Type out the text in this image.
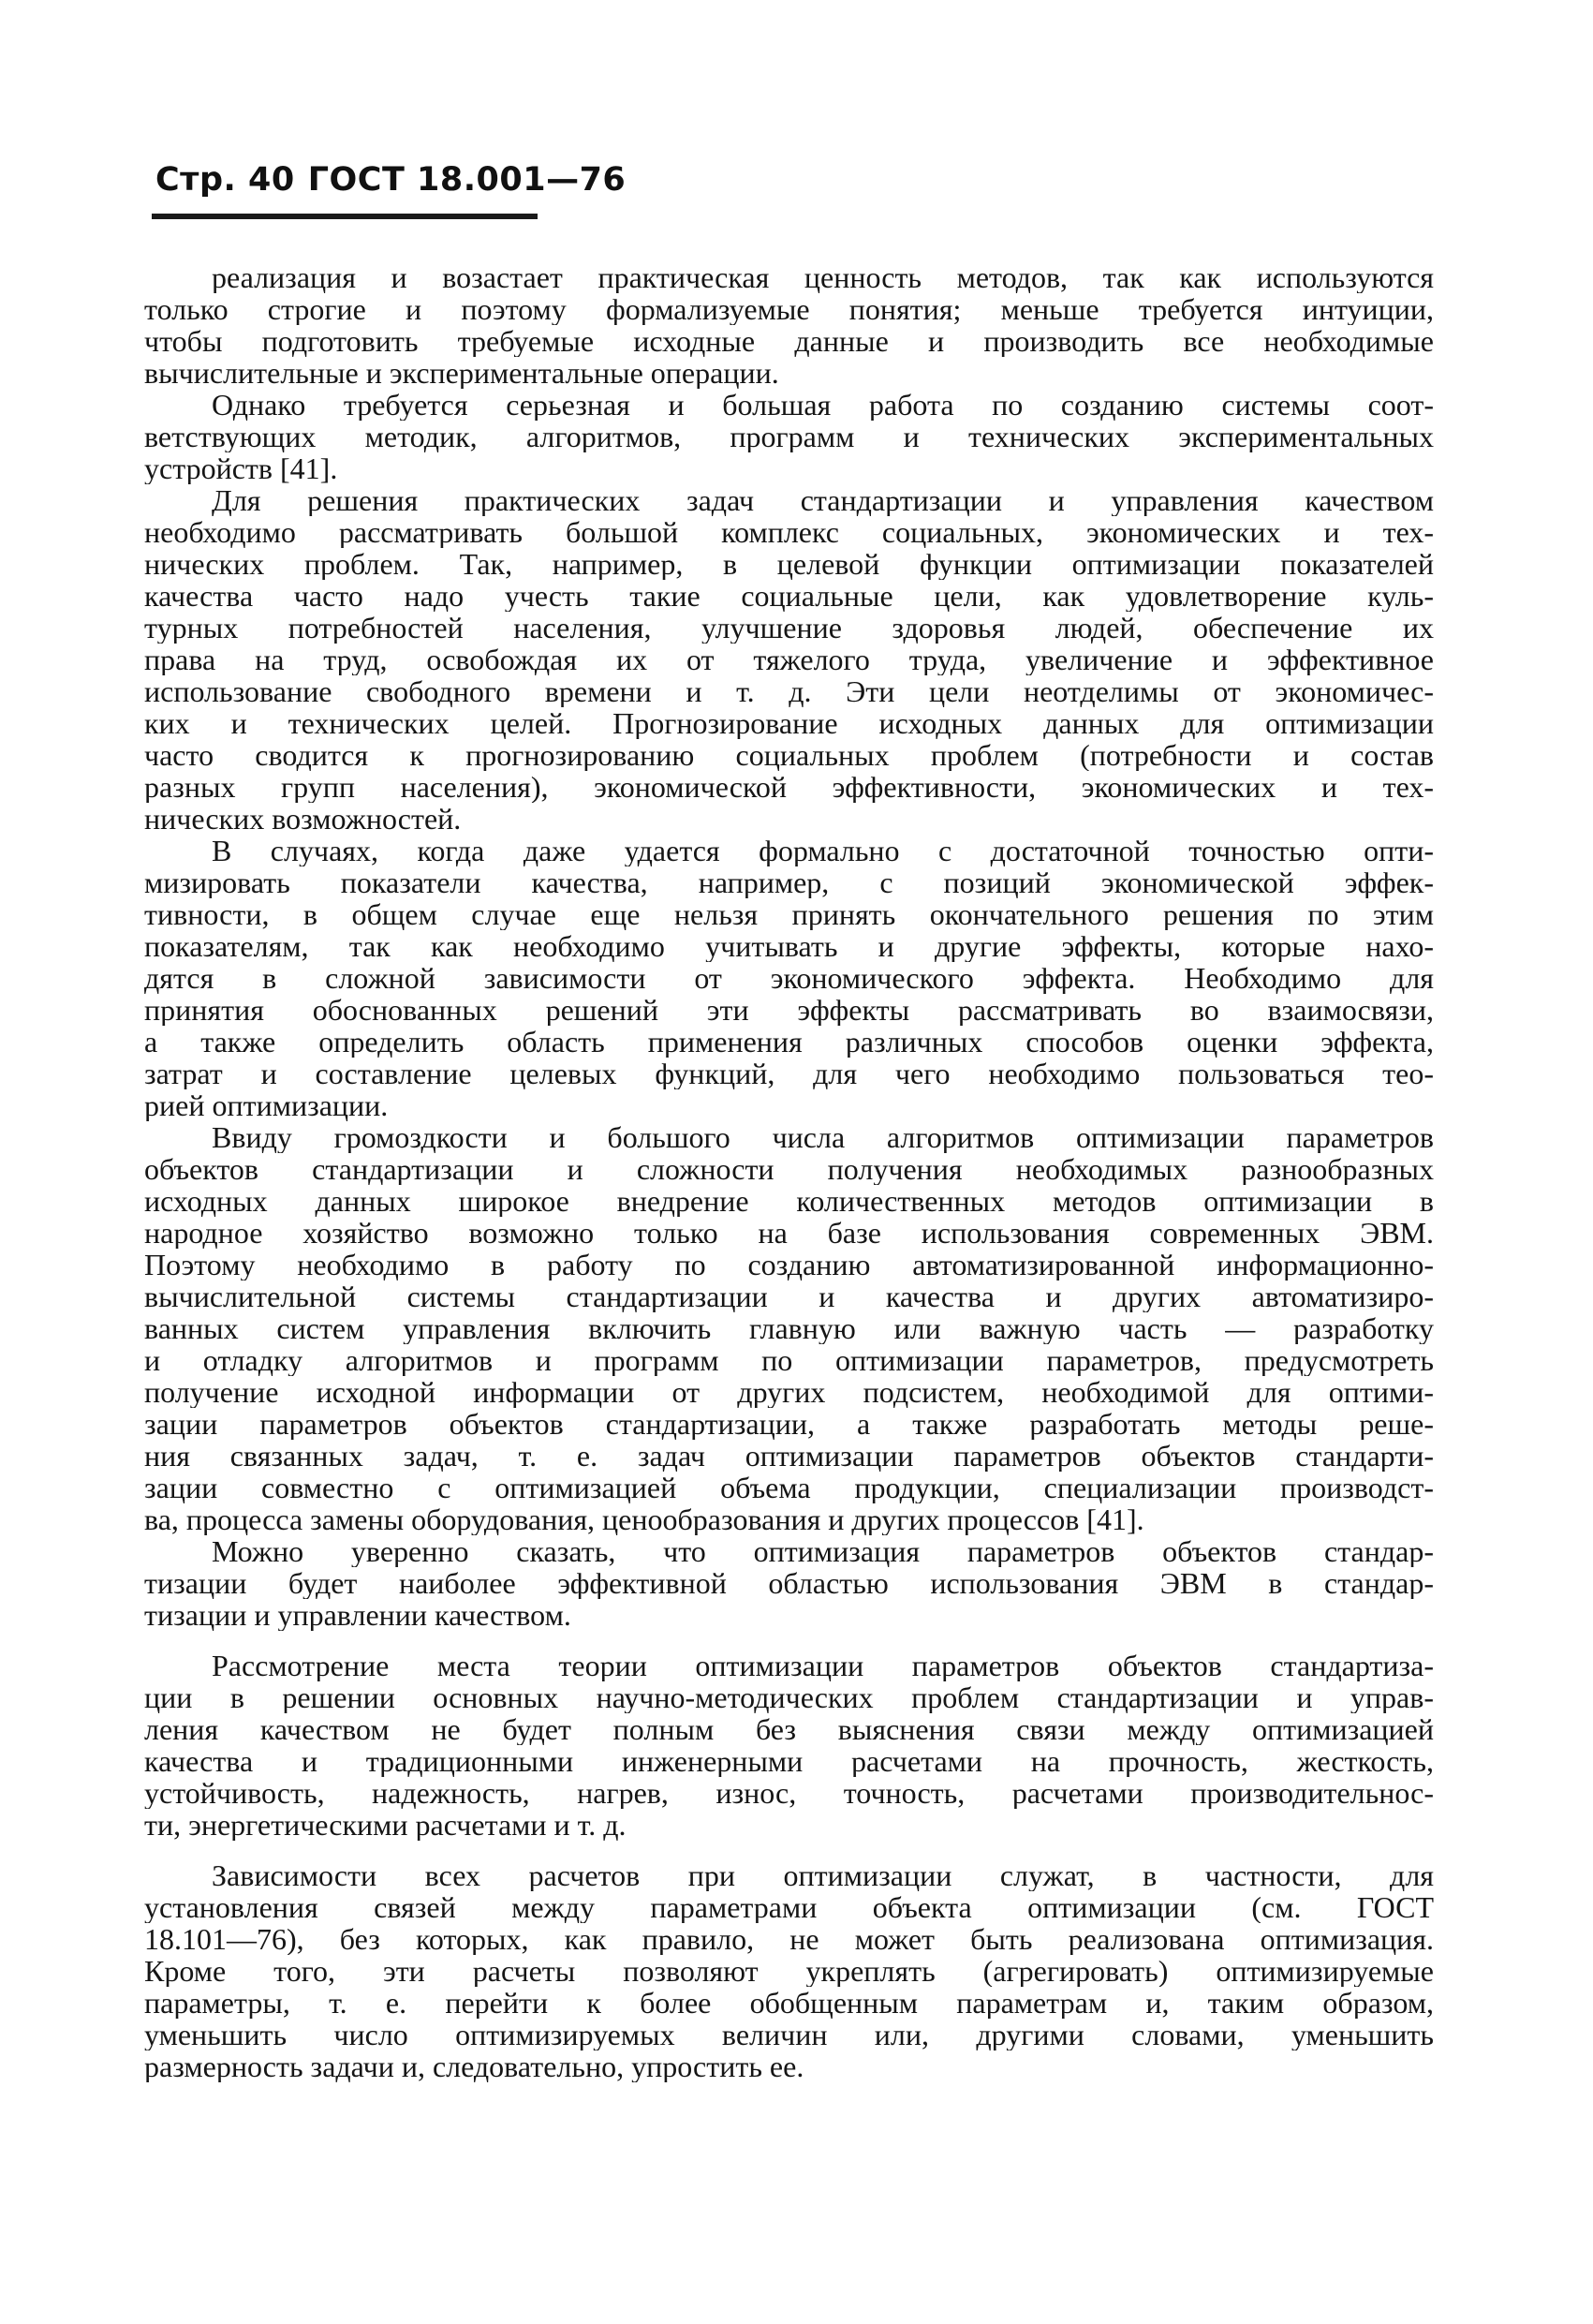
Стр. 40 ГОСТ 18.001—76
реализация и возастает практическая ценность методов, так как используются
только строгие и поэтому формализуемые понятия; меньше требуется интуиции,
чтобы подготовить требуемые исходные данные и производить все необходимые
вычислительные и экспериментальные операции.
Однако требуется серьезная и большая работа по созданию системы соот-
ветствующих методик, алгоритмов, программ и технических экспериментальных
устройств [41].
Для решения практических задач стандартизации и управления качеством
необходимо рассматривать большой комплекс социальных, экономических и тех-
нических проблем. Так, например, в целевой функции оптимизации показателей
качества часто надо учесть такие социальные цели, как удовлетворение куль-
турных потребностей населения, улучшение здоровья людей, обеспечение их
права на труд, освобождая их от тяжелого труда, увеличение и эффективное
использование свободного времени и т. д. Эти цели неотделимы от экономичес-
ких и технических целей. Прогнозирование исходных данных для оптимизации
часто сводится к прогнозированию социальных проблем (потребности и состав
разных групп населения), экономической эффективности, экономических и тех-
нических возможностей.
В случаях, когда даже удается формально с достаточной точностью опти-
мизировать показатели качества, например, с позиций экономической эффек-
тивности, в общем случае еще нельзя принять окончательного решения по этим
показателям, так как необходимо учитывать и другие эффекты, которые нахо-
дятся в сложной зависимости от экономического эффекта. Необходимо для
принятия обоснованных решений эти эффекты рассматривать во взаимосвязи,
а также определить область применения различных способов оценки эффекта,
затрат и составление целевых функций, для чего необходимо пользоваться тео-
рией оптимизации.
Ввиду громоздкости и большого числа алгоритмов оптимизации параметров
объектов стандартизации и сложности получения необходимых разнообразных
исходных данных широкое внедрение количественных методов оптимизации в
народное хозяйство возможно только на базе использования современных ЭВМ.
Поэтому необходимо в работу по созданию автоматизированной информационно-
вычислительной системы стандартизации и качества и других автоматизиро-
ванных систем управления включить главную или важную часть — разработку
и отладку алгоритмов и программ по оптимизации параметров, предусмотреть
получение исходной информации от других подсистем, необходимой для оптими-
зации параметров объектов стандартизации, а также разработать методы реше-
ния связанных задач, т. е. задач оптимизации параметров объектов стандарти-
зации совместно с оптимизацией объема продукции, специализации производст-
ва, процесса замены оборудования, ценообразования и других процессов [41].
Можно уверенно сказать, что оптимизация параметров объектов стандар-
тизации будет наиболее эффективной областью использования ЭВМ в стандар-
тизации и управлении качеством.
Рассмотрение места теории оптимизации параметров объектов стандартиза-
ции в решении основных научно-методических проблем стандартизации и управ-
ления качеством не будет полным без выяснения связи между оптимизацией
качества и традиционными инженерными расчетами на прочность, жесткость,
устойчивость, надежность, нагрев, износ, точность, расчетами производительнос-
ти, энергетическими расчетами и т. д.
Зависимости всех расчетов при оптимизации служат, в частности, для
установления связей между параметрами объекта оптимизации (см. ГОСТ
18.101—76), без которых, как правило, не может быть реализована оптимизация.
Кроме того, эти расчеты позволяют укреплять (агрегировать) оптимизируемые
параметры, т. е. перейти к более обобщенным параметрам и, таким образом,
уменьшить число оптимизируемых величин или, другими словами, уменьшить
размерность задачи и, следовательно, упростить ее.
